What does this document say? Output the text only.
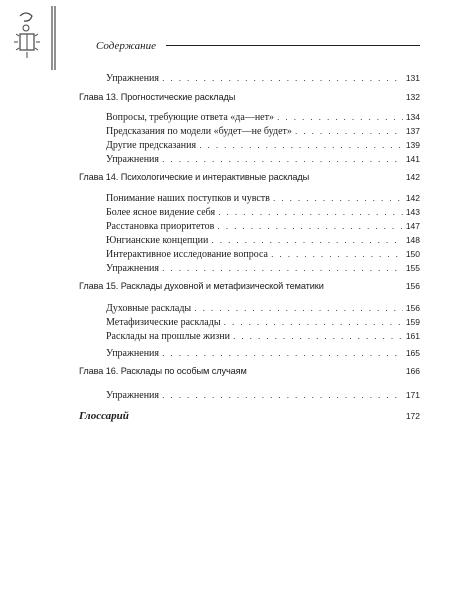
Содержание
Упражнения . . .	131
Глава 13. Прогностические расклады	132
Вопросы, требующие ответа «да—нет» . . .	134
Предсказания по модели «будет—не будет» . . .	137
Другие предсказания . . .	139
Упражнения . . .	141
Глава 14. Психологические и интерактивные расклады	142
Понимание наших поступков и чувств . . .	142
Более ясное видение себя . . .	143
Расстановка приоритетов . . .	147
Юнгианские концепции . . .	148
Интерактивное исследование вопроса . . .	150
Упражнения . . .	155
Глава 15. Расклады духовной и метафизической тематики	156
Духовные расклады . . .	156
Метафизические расклады . . .	159
Расклады на прошлые жизни . . .	161
Упражнения . . .	165
Глава 16. Расклады по особым случаям	166
Упражнения . . .	171
Глоссарий	172
